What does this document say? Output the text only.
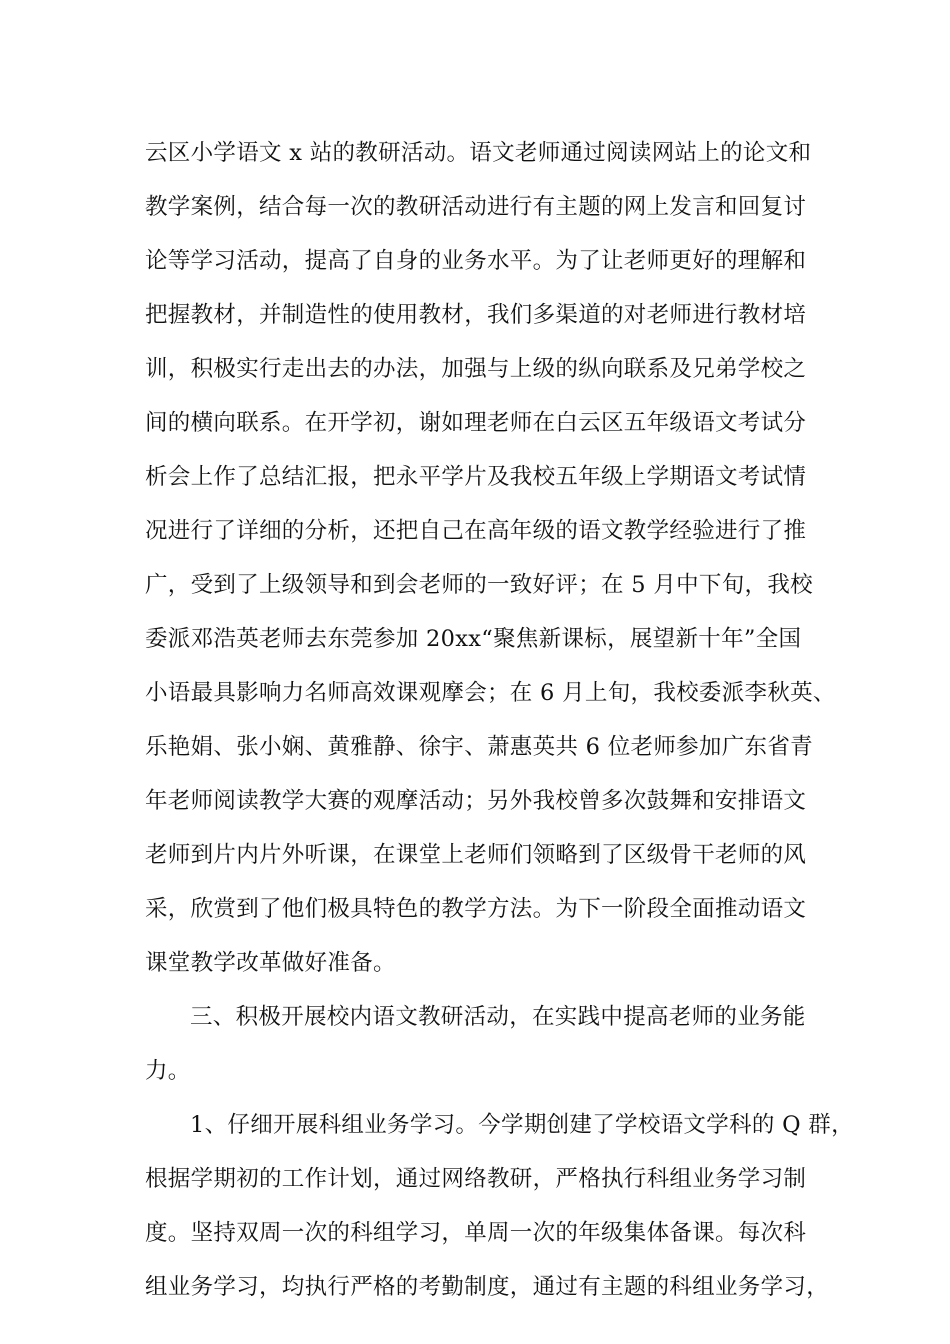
云区小学语文 x 站的教研活动。语文老师通过阅读网站上的论文和
教学案例，结合每一次的教研活动进行有主题的网上发言和回复讨
论等学习活动，提高了自身的业务水平。为了让老师更好的理解和
把握教材，并制造性的使用教材，我们多渠道的对老师进行教材培
训，积极实行走出去的办法，加强与上级的纵向联系及兄弟学校之
间的横向联系。在开学初，谢如理老师在白云区五年级语文考试分
析会上作了总结汇报，把永平学片及我校五年级上学期语文考试情
况进行了详细的分析，还把自己在高年级的语文教学经验进行了推
广，受到了上级领导和到会老师的一致好评；在 5 月中下旬，我校
委派邓浩英老师去东莞参加 20xx“聚焦新课标，展望新十年”全国
小语最具影响力名师高效课观摩会；在 6 月上旬，我校委派李秋英、
乐艳娟、张小娴、黄雅静、徐宇、萧惠英共 6 位老师参加广东省青
年老师阅读教学大赛的观摩活动；另外我校曾多次鼓舞和安排语文
老师到片内片外听课，在课堂上老师们领略到了区级骨干老师的风
采，欣赏到了他们极具特色的教学方法。为下一阶段全面推动语文
课堂教学改革做好准备。
三、积极开展校内语文教研活动，在实践中提高老师的业务能
力。
1、仔细开展科组业务学习。今学期创建了学校语文学科的 Q 群，
根据学期初的工作计划，通过网络教研，严格执行科组业务学习制
度。坚持双周一次的科组学习，单周一次的年级集体备课。每次科
组业务学习，均执行严格的考勤制度，通过有主题的科组业务学习，
